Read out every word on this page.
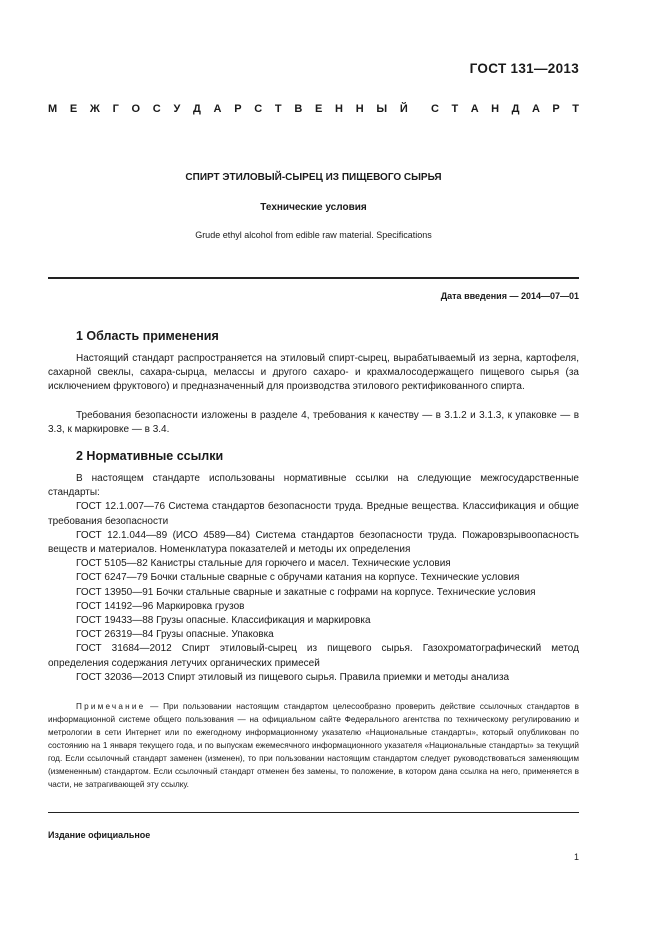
ГОСТ 131—2013
М Е Ж Г О С У Д А Р С Т В Е Н Н Ы Й С Т А Н Д А Р Т
СПИРТ ЭТИЛОВЫЙ-СЫРЕЦ ИЗ ПИЩЕВОГО СЫРЬЯ
Технические условия
Grude ethyl alcohol from edible raw material. Specifications
Дата введения — 2014—07—01
1 Область применения

Настоящий стандарт распространяется на этиловый спирт-сырец, вырабатываемый из зерна, картофеля, сахарной свеклы, сахара-сырца, мелассы и другого сахаро- и крахмалосодержащего пищевого сырья (за исключением фруктового) и предназначенный для производства этилового ректификованного спирта.

Требования безопасности изложены в разделе 4, требования к качеству — в 3.1.2 и 3.1.3, к упаковке — в 3.3, к маркировке — в 3.4.

2 Нормативные ссылки

В настоящем стандарте использованы нормативные ссылки на следующие межгосударственные стандарты:

ГОСТ 12.1.007—76 Система стандартов безопасности труда. Вредные вещества. Классификация и общие требования безопасности

ГОСТ 12.1.044—89 (ИСО 4589—84) Система стандартов безопасности труда. Пожаровзрывоопасность веществ и материалов. Номенклатура показателей и методы их определения

ГОСТ 5105—82 Канистры стальные для горючего и масел. Технические условия

ГОСТ 6247—79 Бочки стальные сварные с обручами катания на корпусе. Технические условия

ГОСТ 13950—91 Бочки стальные сварные и закатные с гофрами на корпусе. Технические условия

ГОСТ 14192—96 Маркировка грузов

ГОСТ 19433—88 Грузы опасные. Классификация и маркировка

ГОСТ 26319—84 Грузы опасные. Упаковка

ГОСТ 31684—2012 Спирт этиловый-сырец из пищевого сырья. Газохроматографический метод определения содержания летучих органических примесей

ГОСТ 32036—2013 Спирт этиловый из пищевого сырья. Правила приемки и методы анализа

Примечание — При пользовании настоящим стандартом целесообразно проверить действие ссылочных стандартов в информационной системе общего пользования — на официальном сайте Федерального агентства по техническому регулированию и метрологии в сети Интернет или по ежегодному информационному указателю «Национальные стандарты», который опубликован по состоянию на 1 января текущего года, и по выпускам ежемесячного информационного указателя «Национальные стандарты» за текущий год. Если ссылочный стандарт заменен (изменен), то при пользовании настоящим стандартом следует руководствоваться заменяющим (измененным) стандартом. Если ссылочный стандарт отменен без замены, то положение, в котором дана ссылка на него, применяется в части, не затрагивающей эту ссылку.

Издание официальное
1
